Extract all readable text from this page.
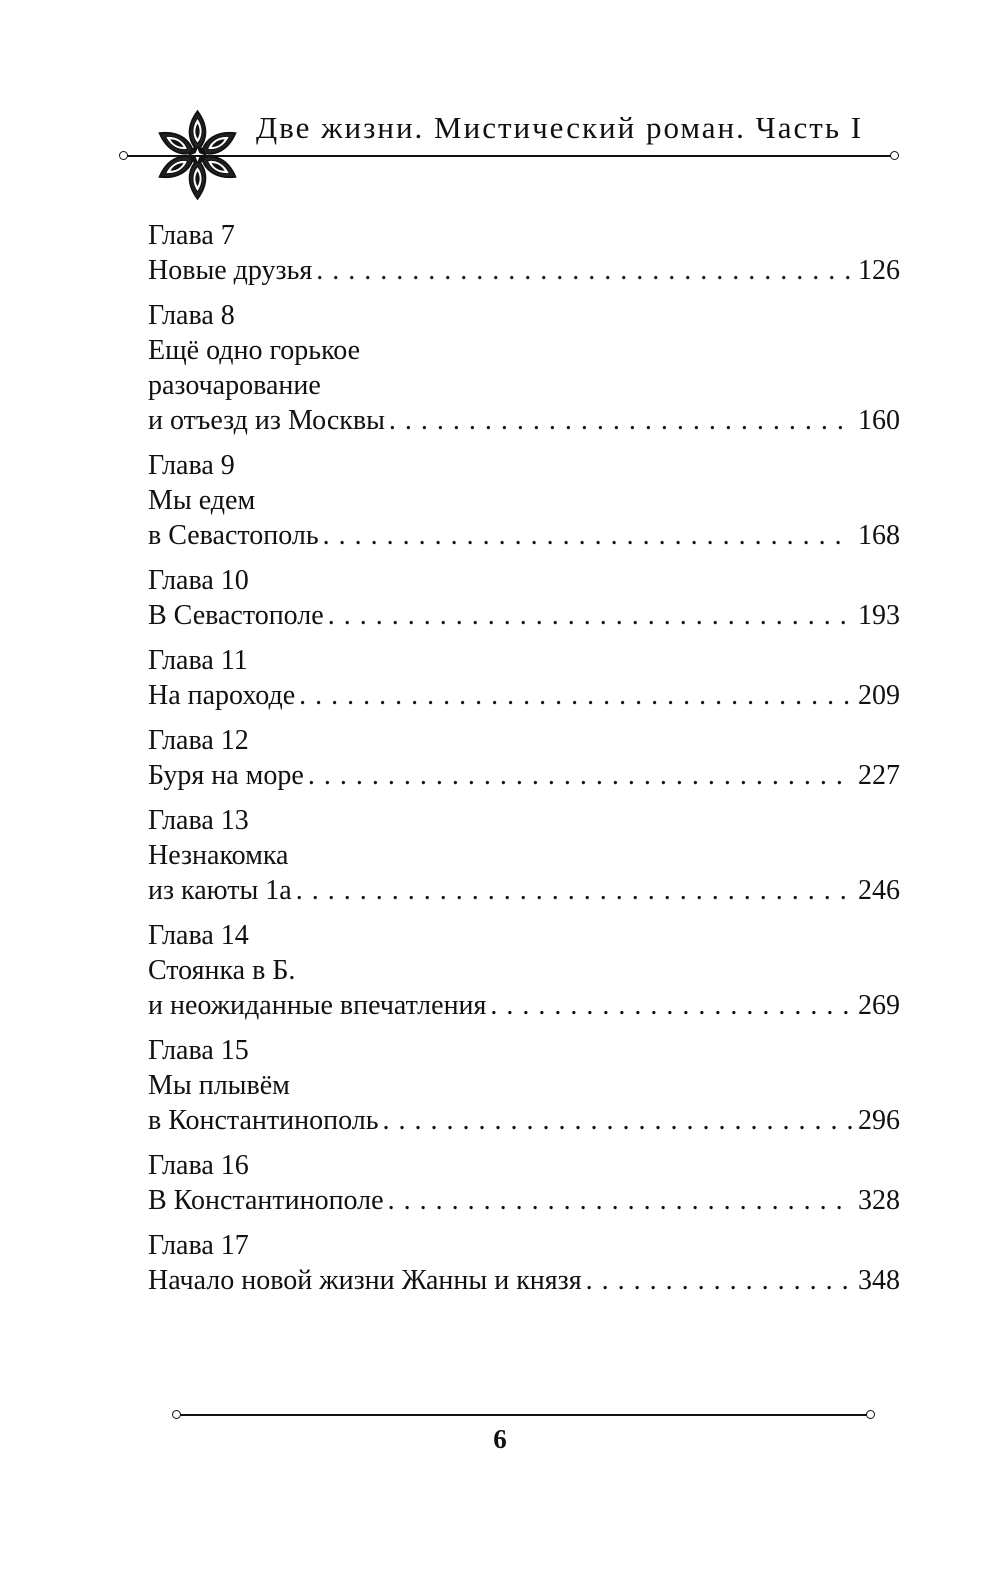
Две жизни. Мистический роман. Часть I
Глава 7
Новые друзья . . .	126
Глава 8
Ещё одно горькое
разочарование
и отъезд из Москвы . . .	160
Глава 9
Мы едем
в Севастополь . . .	168
Глава 10
В Севастополе . . .	193
Глава 11
На пароходе . . .	209
Глава 12
Буря на море . . .	227
Глава 13
Незнакомка
из каюты 1а . . .	246
Глава 14
Стоянка в Б.
и неожиданные впечатления . . .	269
Глава 15
Мы плывём
в Константинополь . . .	296
Глава 16
В Константинополе . . .	328
Глава 17
Начало новой жизни Жанны и князя . . .	348
6
